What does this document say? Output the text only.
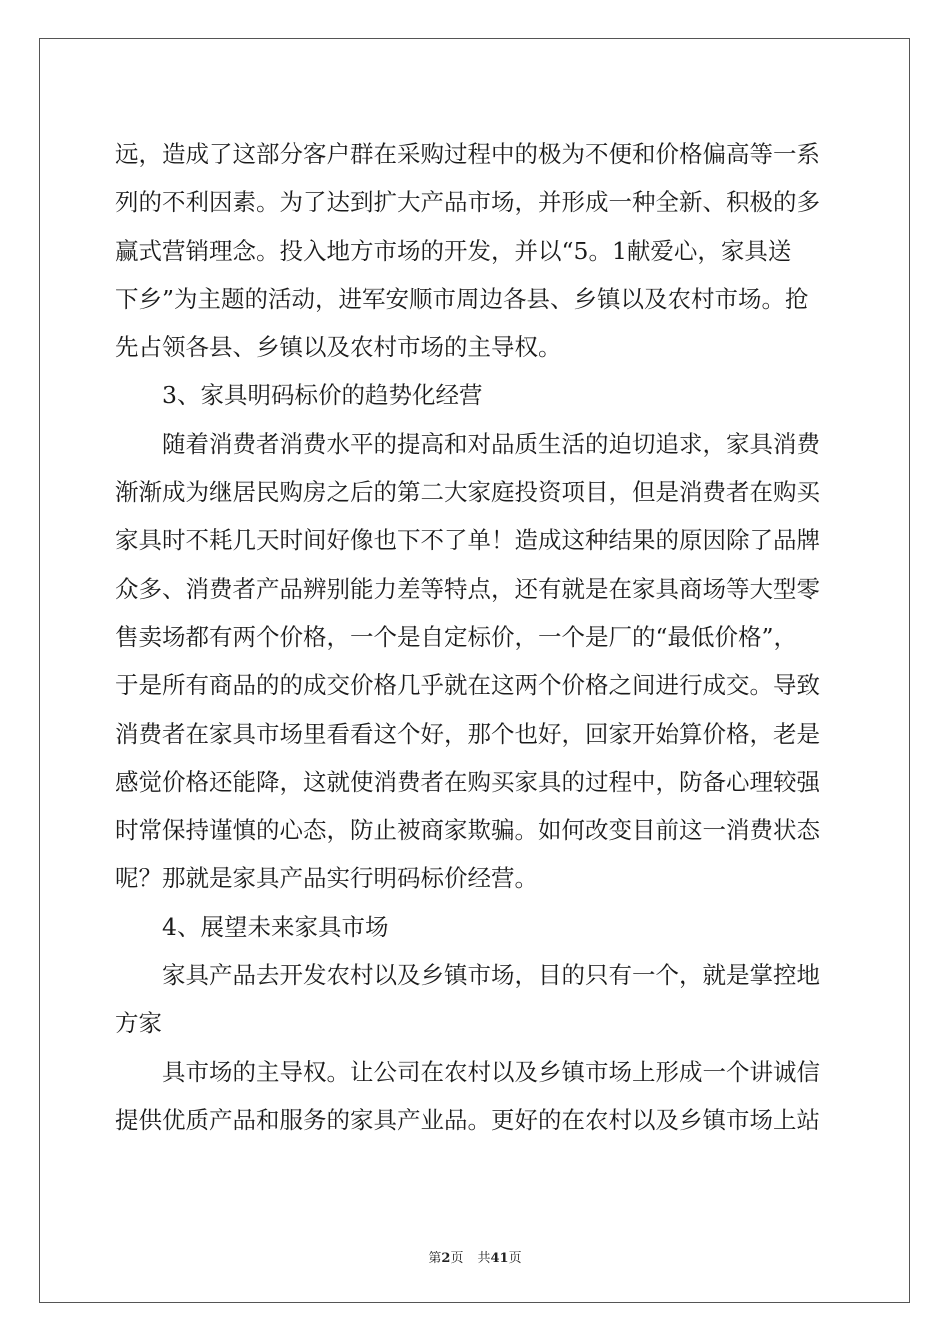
远，造成了这部分客户群在采购过程中的极为不便和价格偏高等一系
列的不利因素。为了达到扩大产品市场，并形成一种全新、积极的多
赢式营销理念。投入地方市场的开发，并以“5。1献爱心，家具送
下乡”为主题的活动，进军安顺市周边各县、乡镇以及农村市场。抢
先占领各县、乡镇以及农村市场的主导权。
3、家具明码标价的趋势化经营
随着消费者消费水平的提高和对品质生活的迫切追求，家具消费
渐渐成为继居民购房之后的第二大家庭投资项目，但是消费者在购买
家具时不耗几天时间好像也下不了单！造成这种结果的原因除了品牌
众多、消费者产品辨别能力差等特点，还有就是在家具商场等大型零
售卖场都有两个价格，一个是自定标价，一个是厂的“最低价格”，
于是所有商品的的成交价格几乎就在这两个价格之间进行成交。导致
消费者在家具市场里看看这个好，那个也好，回家开始算价格，老是
感觉价格还能降，这就使消费者在购买家具的过程中，防备心理较强
时常保持谨慎的心态，防止被商家欺骗。如何改变目前这一消费状态
呢？那就是家具产品实行明码标价经营。
4、展望未来家具市场
家具产品去开发农村以及乡镇市场，目的只有一个，就是掌控地
方家
具市场的主导权。让公司在农村以及乡镇市场上形成一个讲诚信
提供优质产品和服务的家具产业品。更好的在农村以及乡镇市场上站
第2页 共41页
